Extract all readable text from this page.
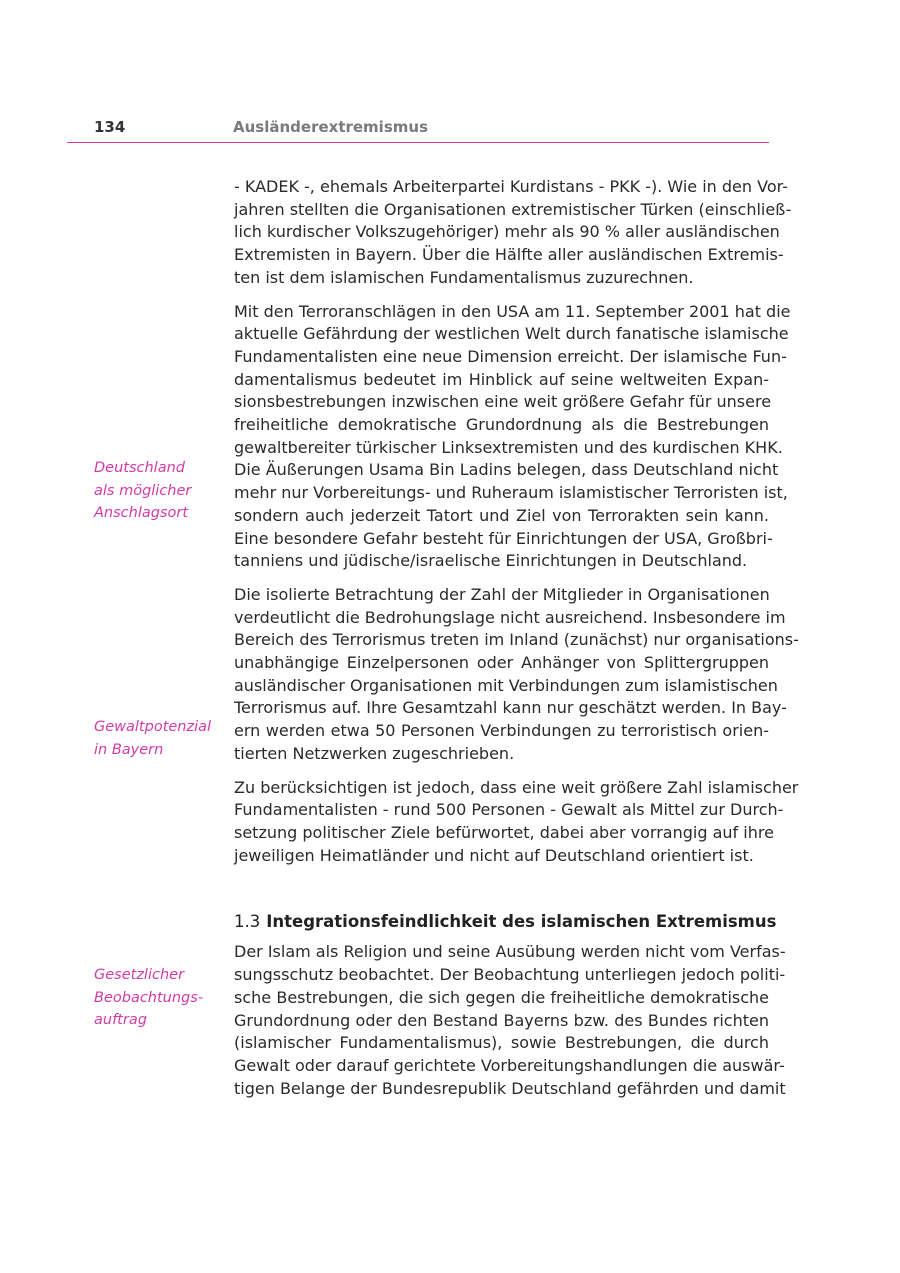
134	Ausländerextremismus
Deutschland
als möglicher
Anschlagsort
Gewaltpotenzial
in Bayern
Gesetzlicher
Beobachtungs-
auftrag

- KADEK -, ehemals Arbeiterpartei Kurdistans - PKK -). Wie in den Vor-
jahren stellten die Organisationen extremistischer Türken (einschließ-
lich kurdischer Volkszugehöriger) mehr als 90 % aller ausländischen
Extremisten in Bayern. Über die Hälfte aller ausländischen Extremis-
ten ist dem islamischen Fundamentalismus zuzurechnen.

Mit den Terroranschlägen in den USA am 11. September 2001 hat die
aktuelle Gefährdung der westlichen Welt durch fanatische islamische
Fundamentalisten eine neue Dimension erreicht. Der islamische Fun-
damentalismus bedeutet im Hinblick auf seine weltweiten Expan-
sionsbestrebungen inzwischen eine weit größere Gefahr für unsere
freiheitliche demokratische Grundordnung als die Bestrebungen
gewaltbereiter türkischer Linksextremisten und des kurdischen KHK.
Die Äußerungen Usama Bin Ladins belegen, dass Deutschland nicht
mehr nur Vorbereitungs- und Ruheraum islamistischer Terroristen ist,
sondern auch jederzeit Tatort und Ziel von Terrorakten sein kann.
Eine besondere Gefahr besteht für Einrichtungen der USA, Großbri-
tanniens und jüdische/israelische Einrichtungen in Deutschland.

Die isolierte Betrachtung der Zahl der Mitglieder in Organisationen
verdeutlicht die Bedrohungslage nicht ausreichend. Insbesondere im
Bereich des Terrorismus treten im Inland (zunächst) nur organisations-
unabhängige Einzelpersonen oder Anhänger von Splittergruppen
ausländischer Organisationen mit Verbindungen zum islamistischen
Terrorismus auf. Ihre Gesamtzahl kann nur geschätzt werden. In Bay-
ern werden etwa 50 Personen Verbindungen zu terroristisch orien-
tierten Netzwerken zugeschrieben.

Zu berücksichtigen ist jedoch, dass eine weit größere Zahl islamischer
Fundamentalisten - rund 500 Personen - Gewalt als Mittel zur Durch-
setzung politischer Ziele befürwortet, dabei aber vorrangig auf ihre
jeweiligen Heimatländer und nicht auf Deutschland orientiert ist.

1.3 Integrationsfeindlichkeit des islamischen Extremismus

Der Islam als Religion und seine Ausübung werden nicht vom Verfas-
sungsschutz beobachtet. Der Beobachtung unterliegen jedoch politi-
sche Bestrebungen, die sich gegen die freiheitliche demokratische
Grundordnung oder den Bestand Bayerns bzw. des Bundes richten
(islamischer Fundamentalismus), sowie Bestrebungen, die durch
Gewalt oder darauf gerichtete Vorbereitungshandlungen die auswär-
tigen Belange der Bundesrepublik Deutschland gefährden und damit
